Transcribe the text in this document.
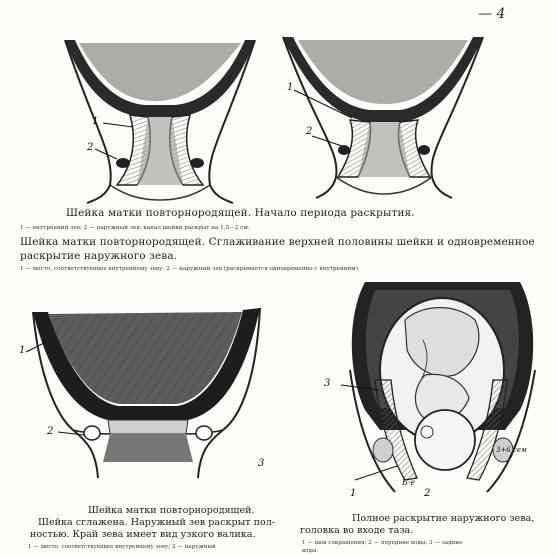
— 4
1
2
1
2
Шейка матки повторнородящей. Начало периода раскрытия.
1 — внутренний зев; 2 — наружный зев; канал шейки раскрыт на 1,5—2 см.
Шейка матки повторнородящей. Сглаживание верхней половины шейки и одновременное
раскрытие наружного зева.
1 — место, соответствующее внутреннему зеву; 2 — наружный зев (раскрывается одновременно с внутренним).
1
2
3
3
1	2
Б·е
З+6 сем
Шейка матки повторнородящей.
Шейка сглажена. Наружный зев раскрыт пол-
ностью. Край зева имеет вид узкого валика.
1 — место, соответствующее внутреннему зеву; 2 — наружный
Полное раскрытие наружного зева,
головка во входе таза.
1 — шов сокращения; 2 — передние воды; 3 — задние
воды.
